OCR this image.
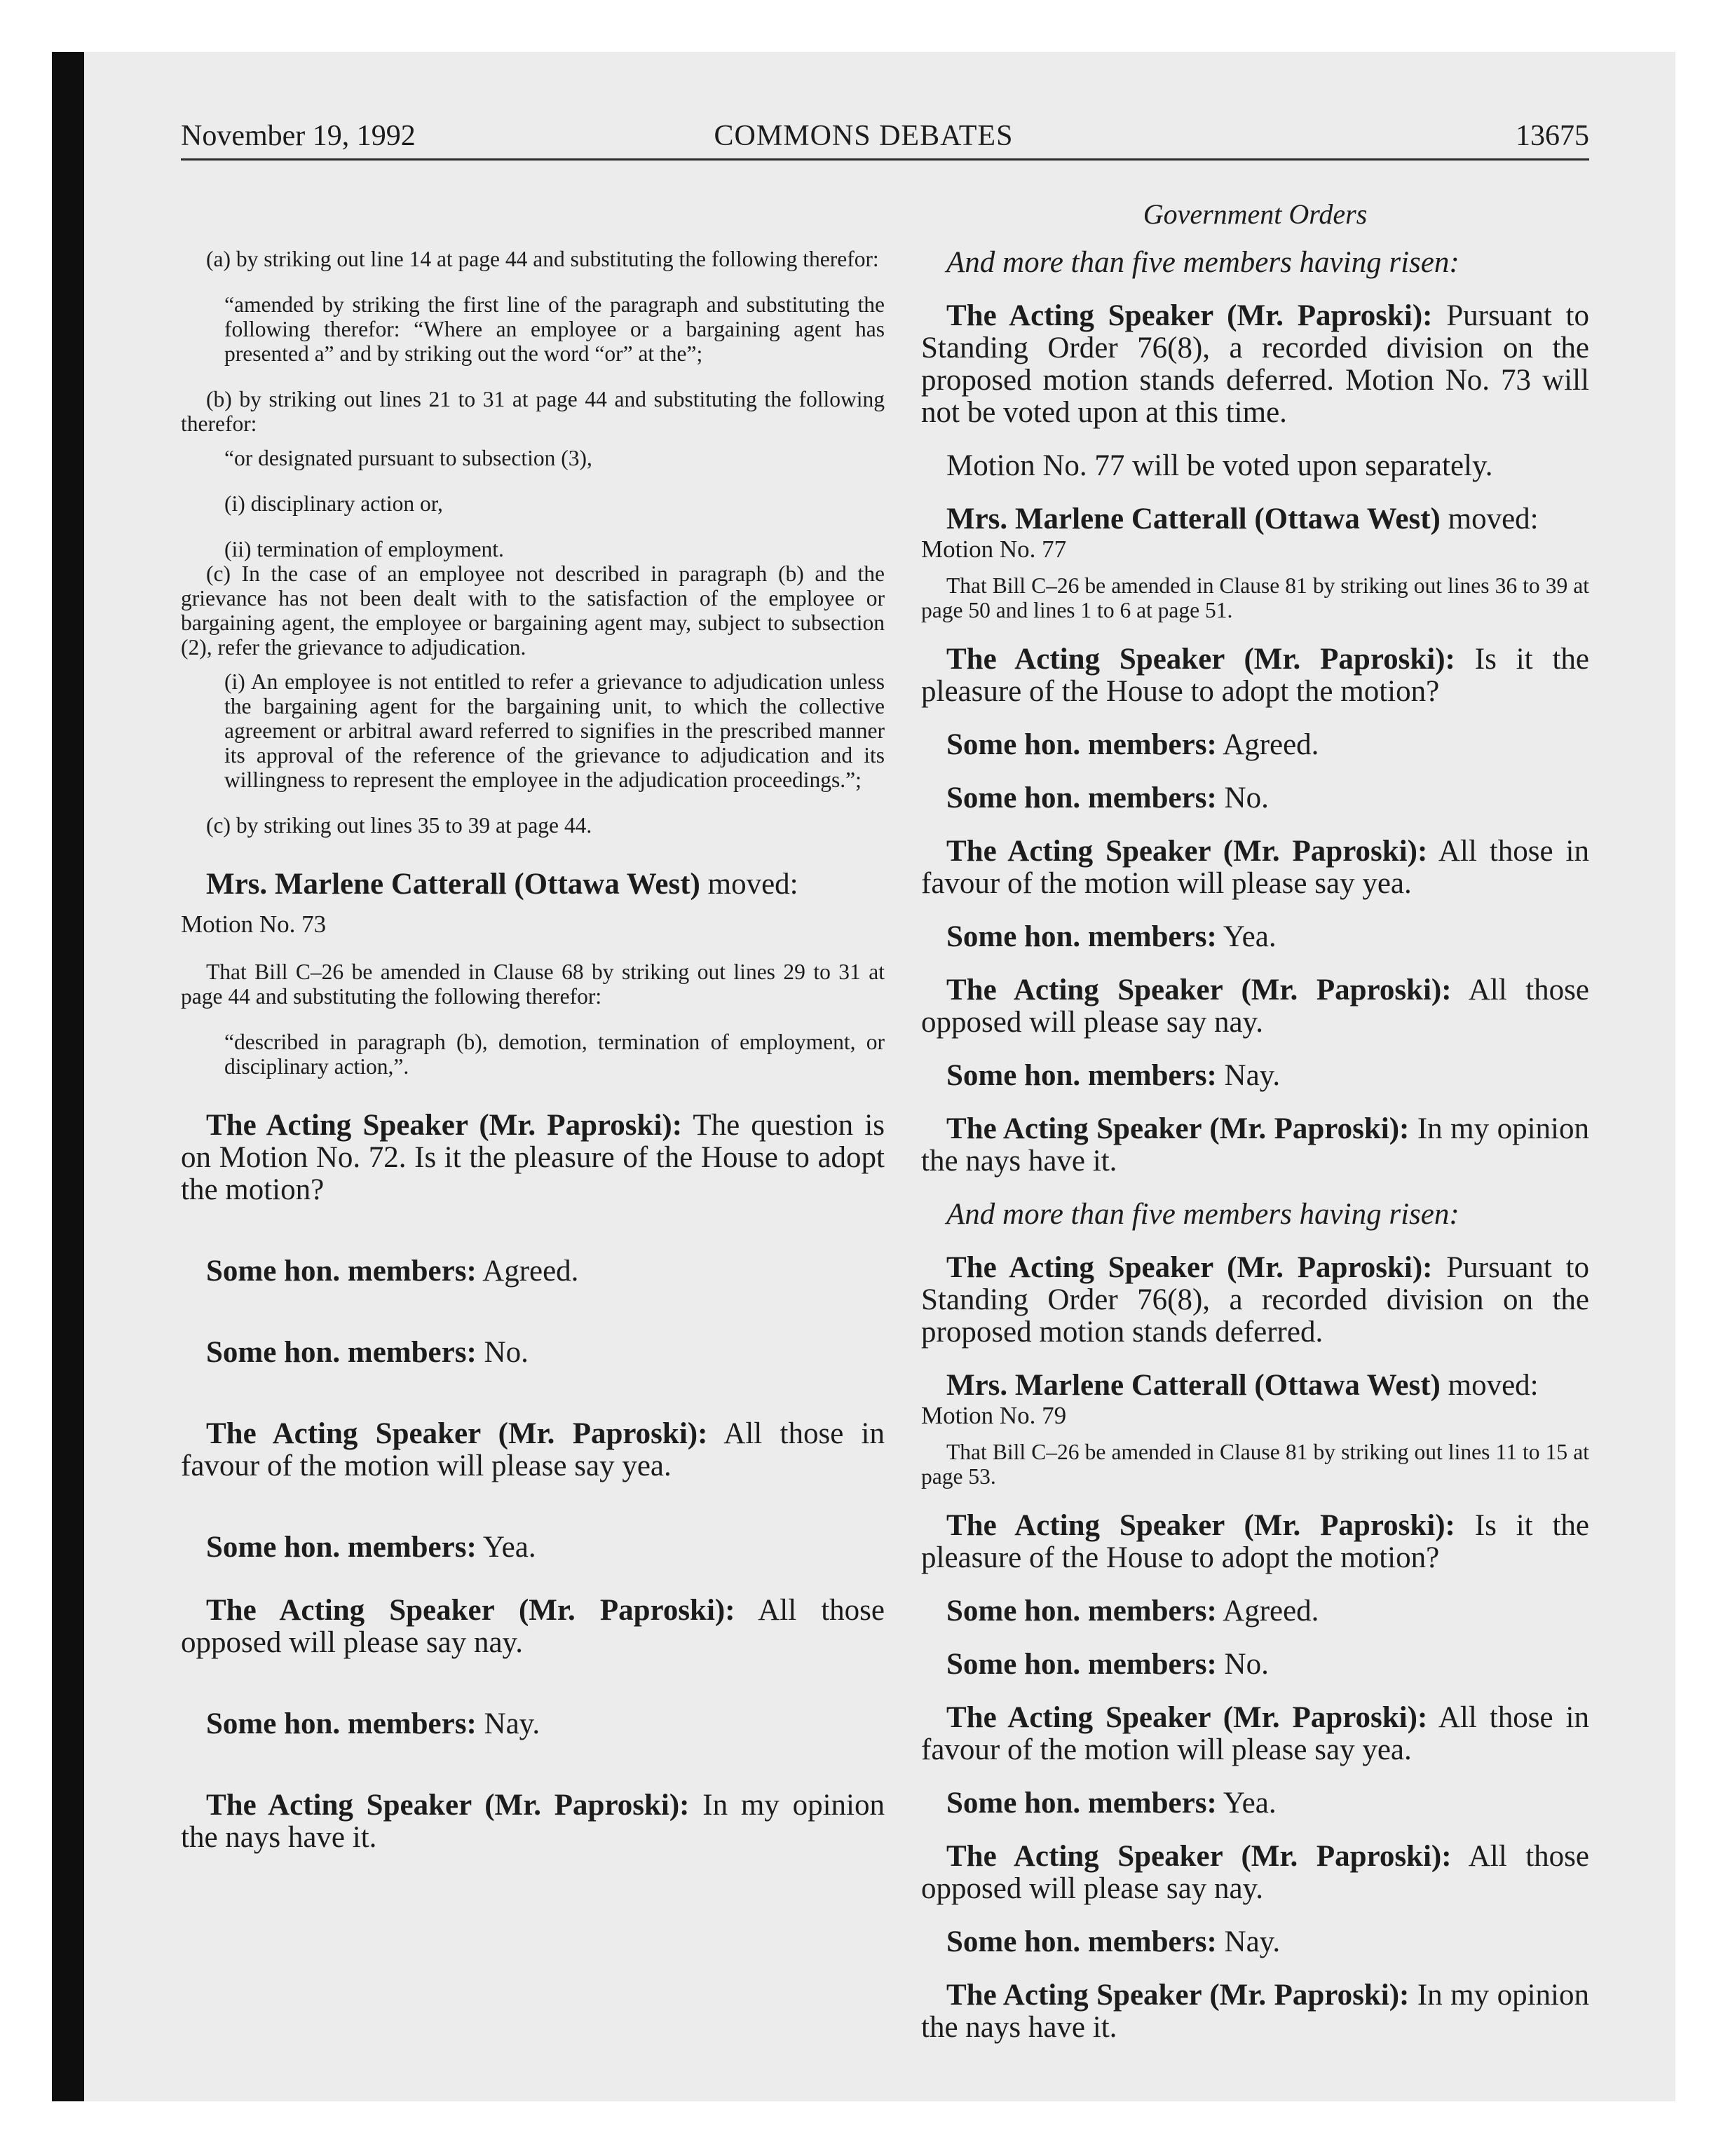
November 19, 1992	COMMONS DEBATES	13675
Government Orders

(a) by striking out line 14 at page 44 and substituting the following therefor:

“amended by striking the first line of the paragraph and substituting the following therefor: “Where an employee or a bargaining agent has presented a” and by striking out the word “or” at the”;

(b) by striking out lines 21 to 31 at page 44 and substituting the following therefor:

“or designated pursuant to subsection (3),

(i) disciplinary action or,

(ii) termination of employment.

(c) In the case of an employee not described in paragraph (b) and the grievance has not been dealt with to the satisfaction of the employee or bargaining agent, the employee or bargaining agent may, subject to subsection (2), refer the grievance to adjudication.

(i) An employee is not entitled to refer a grievance to adjudication unless the bargaining agent for the bargaining unit, to which the collective agreement or arbitral award referred to signifies in the prescribed manner its approval of the reference of the grievance to adjudication and its willingness to represent the employee in the adjudication proceedings.”;

(c) by striking out lines 35 to 39 at page 44.

Mrs. Marlene Catterall (Ottawa West) moved:

Motion No. 73

That Bill C–26 be amended in Clause 68 by striking out lines 29 to 31 at page 44 and substituting the following therefor:

“described in paragraph (b), demotion, termination of employment, or disciplinary action,”.

The Acting Speaker (Mr. Paproski): The question is on Motion No. 72. Is it the pleasure of the House to adopt the motion?

Some hon. members: Agreed.

Some hon. members: No.

The Acting Speaker (Mr. Paproski): All those in favour of the motion will please say yea.

Some hon. members: Yea.

The Acting Speaker (Mr. Paproski): All those opposed will please say nay.

Some hon. members: Nay.

The Acting Speaker (Mr. Paproski): In my opinion the nays have it.

And more than five members having risen:

The Acting Speaker (Mr. Paproski): Pursuant to Standing Order 76(8), a recorded division on the proposed motion stands deferred. Motion No. 73 will not be voted upon at this time.

Motion No. 77 will be voted upon separately.

Mrs. Marlene Catterall (Ottawa West) moved:

Motion No. 77

That Bill C–26 be amended in Clause 81 by striking out lines 36 to 39 at page 50 and lines 1 to 6 at page 51.

The Acting Speaker (Mr. Paproski): Is it the pleasure of the House to adopt the motion?

Some hon. members: Agreed.

Some hon. members: No.

The Acting Speaker (Mr. Paproski): All those in favour of the motion will please say yea.

Some hon. members: Yea.

The Acting Speaker (Mr. Paproski): All those opposed will please say nay.

Some hon. members: Nay.

The Acting Speaker (Mr. Paproski): In my opinion the nays have it.

And more than five members having risen:

The Acting Speaker (Mr. Paproski): Pursuant to Standing Order 76(8), a recorded division on the proposed motion stands deferred.

Mrs. Marlene Catterall (Ottawa West) moved:

Motion No. 79

That Bill C–26 be amended in Clause 81 by striking out lines 11 to 15 at page 53.

The Acting Speaker (Mr. Paproski): Is it the pleasure of the House to adopt the motion?

Some hon. members: Agreed.

Some hon. members: No.

The Acting Speaker (Mr. Paproski): All those in favour of the motion will please say yea.

Some hon. members: Yea.

The Acting Speaker (Mr. Paproski): All those opposed will please say nay.

Some hon. members: Nay.

The Acting Speaker (Mr. Paproski): In my opinion the nays have it.
